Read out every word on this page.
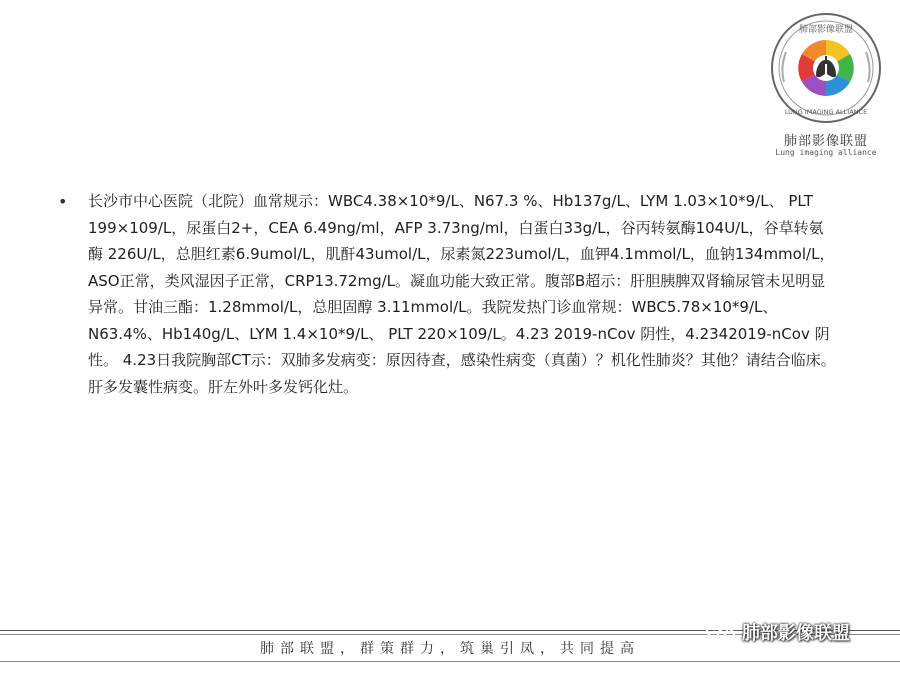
肺部影像联盟
LUNG IMAGING ALLIANCE
肺部影像联盟
Lung imaging alliance
•	长沙市中心医院（北院）血常规示：WBC4.38×10*9/L、N67.3 %、Hb137g/L、LYM 1.03×10*9/L、 PLT 199×109/L，尿蛋白2+，CEA 6.49ng/ml，AFP 3.73ng/ml，白蛋白33g/L，谷丙转氨酶104U/L，谷草转氨酶 226U/L，总胆红素6.9umol/L，肌酐43umol/L，尿素氮223umol/L，血钾4.1mmol/L，血钠134mmol/L，ASO正常，类风湿因子正常，CRP13.72mg/L。凝血功能大致正常。腹部B超示：肝胆胰脾双肾输尿管未见明显异常。甘油三酯：1.28mmol/L，总胆固醇 3.11mmol/L。我院发热门诊血常规：WBC5.78×10*9/L、N63.4%、Hb140g/L、LYM 1.4×10*9/L、 PLT 220×109/L。4.23 2019-nCov 阴性，4.2342019-nCov 阴性。 4.23日我院胸部CT示：双肺多发病变：原因待查，感染性病变（真菌）？机化性肺炎？其他？请结合临床。肝多发囊性病变。肝左外叶多发钙化灶。

肺部联盟，群策群力，筑巢引凤，共同提高
肺部影像联盟
